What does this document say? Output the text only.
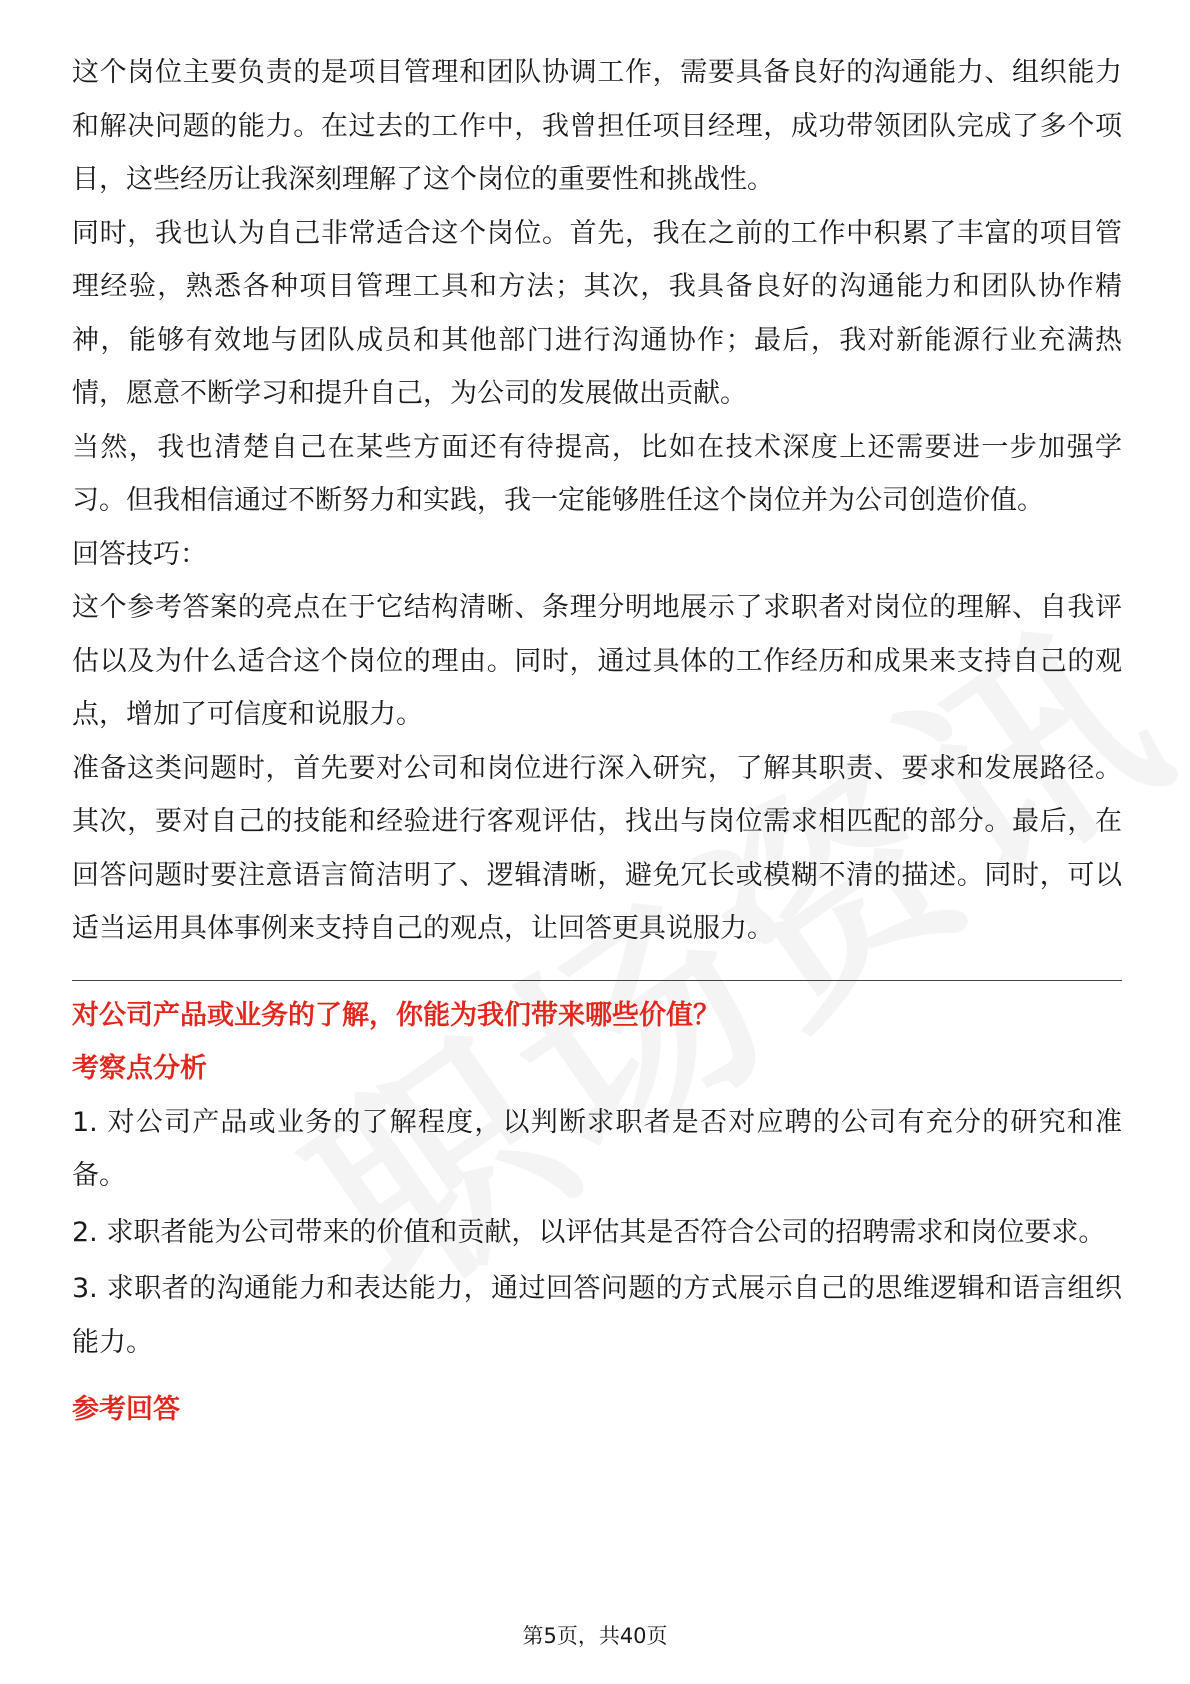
这个岗位主要负责的是项目管理和团队协调工作，需要具备良好的沟通能力、组织能力和解决问题的能力。在过去的工作中，我曾担任项目经理，成功带领团队完成了多个项目，这些经历让我深刻理解了这个岗位的重要性和挑战性。

同时，我也认为自己非常适合这个岗位。首先，我在之前的工作中积累了丰富的项目管理经验，熟悉各种项目管理工具和方法；其次，我具备良好的沟通能力和团队协作精神，能够有效地与团队成员和其他部门进行沟通协作；最后，我对新能源行业充满热情，愿意不断学习和提升自己，为公司的发展做出贡献。

当然，我也清楚自己在某些方面还有待提高，比如在技术深度上还需要进一步加强学习。但我相信通过不断努力和实践，我一定能够胜任这个岗位并为公司创造价值。

回答技巧：

这个参考答案的亮点在于它结构清晰、条理分明地展示了求职者对岗位的理解、自我评估以及为什么适合这个岗位的理由。同时，通过具体的工作经历和成果来支持自己的观点，增加了可信度和说服力。

准备这类问题时，首先要对公司和岗位进行深入研究，了解其职责、要求和发展路径。其次，要对自己的技能和经验进行客观评估，找出与岗位需求相匹配的部分。最后，在回答问题时要注意语言简洁明了、逻辑清晰，避免冗长或模糊不清的描述。同时，可以适当运用具体事例来支持自己的观点，让回答更具说服力。

对公司产品或业务的了解，你能为我们带来哪些价值？

考察点分析

1. 对公司产品或业务的了解程度，以判断求职者是否对应聘的公司有充分的研究和准备。

2. 求职者能为公司带来的价值和贡献，以评估其是否符合公司的招聘需求和岗位要求。

3. 求职者的沟通能力和表达能力，通过回答问题的方式展示自己的思维逻辑和语言组织能力。

参考回答

第5页，共40页
